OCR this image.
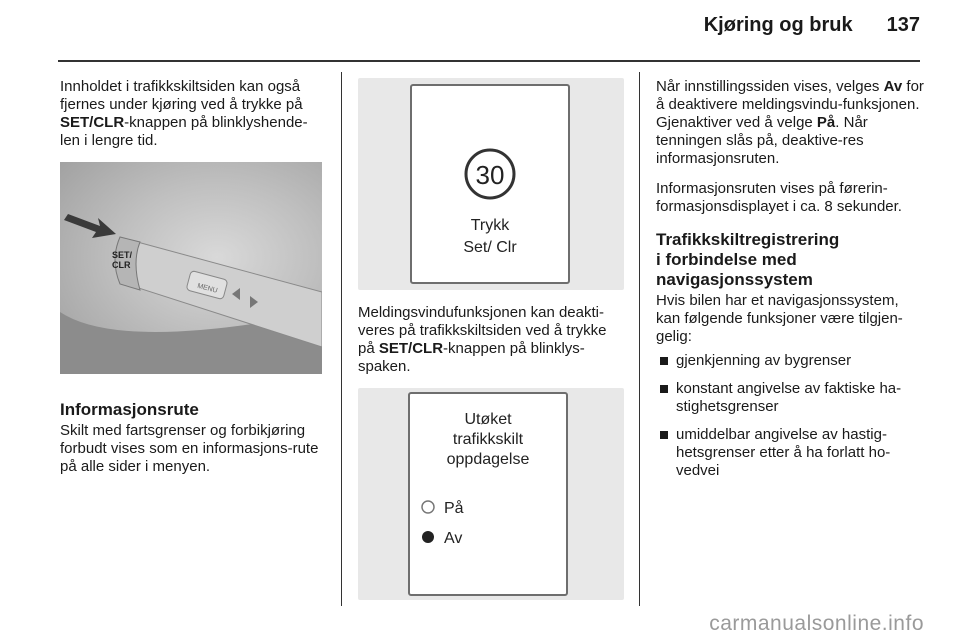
Kjøring og bruk 137

Innholdet i trafikkskiltsiden kan også fjernes under kjøring ved å trykke på SET/CLR-knappen på blinklyshende-len i lengre tid.

MENU
SET/
CLR
Informasjonsrute

Skilt med fartsgrenser og forbikjøring forbudt vises som en informasjons-rute på alle sider i menyen.

30
Trykk
Set/ Clr

Meldingsvindufunksjonen kan deakti-veres på trafikkskiltsiden ved å trykke på SET/CLR-knappen på blinklys-spaken.

Utøket
trafikkskilt
oppdagelse
På
Av

Når innstillingssiden vises, velges Av for å deaktivere meldingsvindu-funksjonen. Gjenaktiver ved å velge På. Når tenningen slås på, deaktive-res informasjonsruten.

Informasjonsruten vises på førerin-formasjonsdisplayet i ca. 8 sekunder.

Trafikkskiltregistrering
i forbindelse med
navigasjonssystem

Hvis bilen har et navigasjonssystem, kan følgende funksjoner være tilgjen-gelig:

gjenkjenning av bygrenser
konstant angivelse av faktiske ha-stighetsgrenser
umiddelbar angivelse av hastig-hetsgrenser etter å ha forlatt ho-vedvei
carmanualsonline.info
